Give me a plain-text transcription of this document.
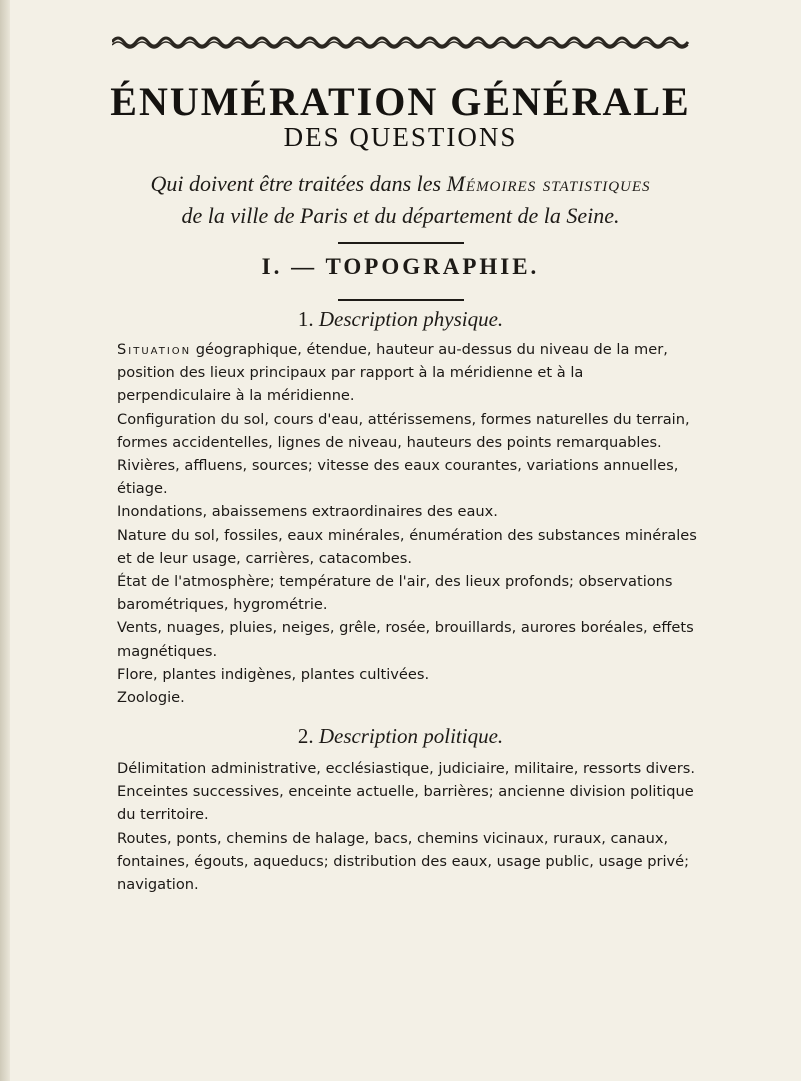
ÉNUMÉRATION GÉNÉRALE
DES QUESTIONS
Qui doivent être traitées dans les Mémoires statistiques
de la ville de Paris et du département de la Seine.
I. — TOPOGRAPHIE.
1. Description physique.

Situation géographique, étendue, hauteur au-dessus du niveau de la mer, position des lieux principaux par rapport à la méridienne et à la perpendiculaire à la méridienne.

Configuration du sol, cours d'eau, attérissemens, formes naturelles du terrain, formes accidentelles, lignes de niveau, hauteurs des points remarquables.

Rivières, affluens, sources; vitesse des eaux courantes, variations annuelles, étiage.

Inondations, abaissemens extraordinaires des eaux.

Nature du sol, fossiles, eaux minérales, énumération des substances minérales et de leur usage, carrières, catacombes.

État de l'atmosphère; température de l'air, des lieux profonds; observations barométriques, hygrométrie.

Vents, nuages, pluies, neiges, grêle, rosée, brouillards, aurores boréales, effets magnétiques.

Flore, plantes indigènes, plantes cultivées.

Zoologie.

2. Description politique.

Délimitation administrative, ecclésiastique, judiciaire, militaire, ressorts divers.

Enceintes successives, enceinte actuelle, barrières; ancienne division politique du territoire.

Routes, ponts, chemins de halage, bacs, chemins vicinaux, ruraux, canaux, fontaines, égouts, aqueducs; distribution des eaux, usage public, usage privé; navigation.
